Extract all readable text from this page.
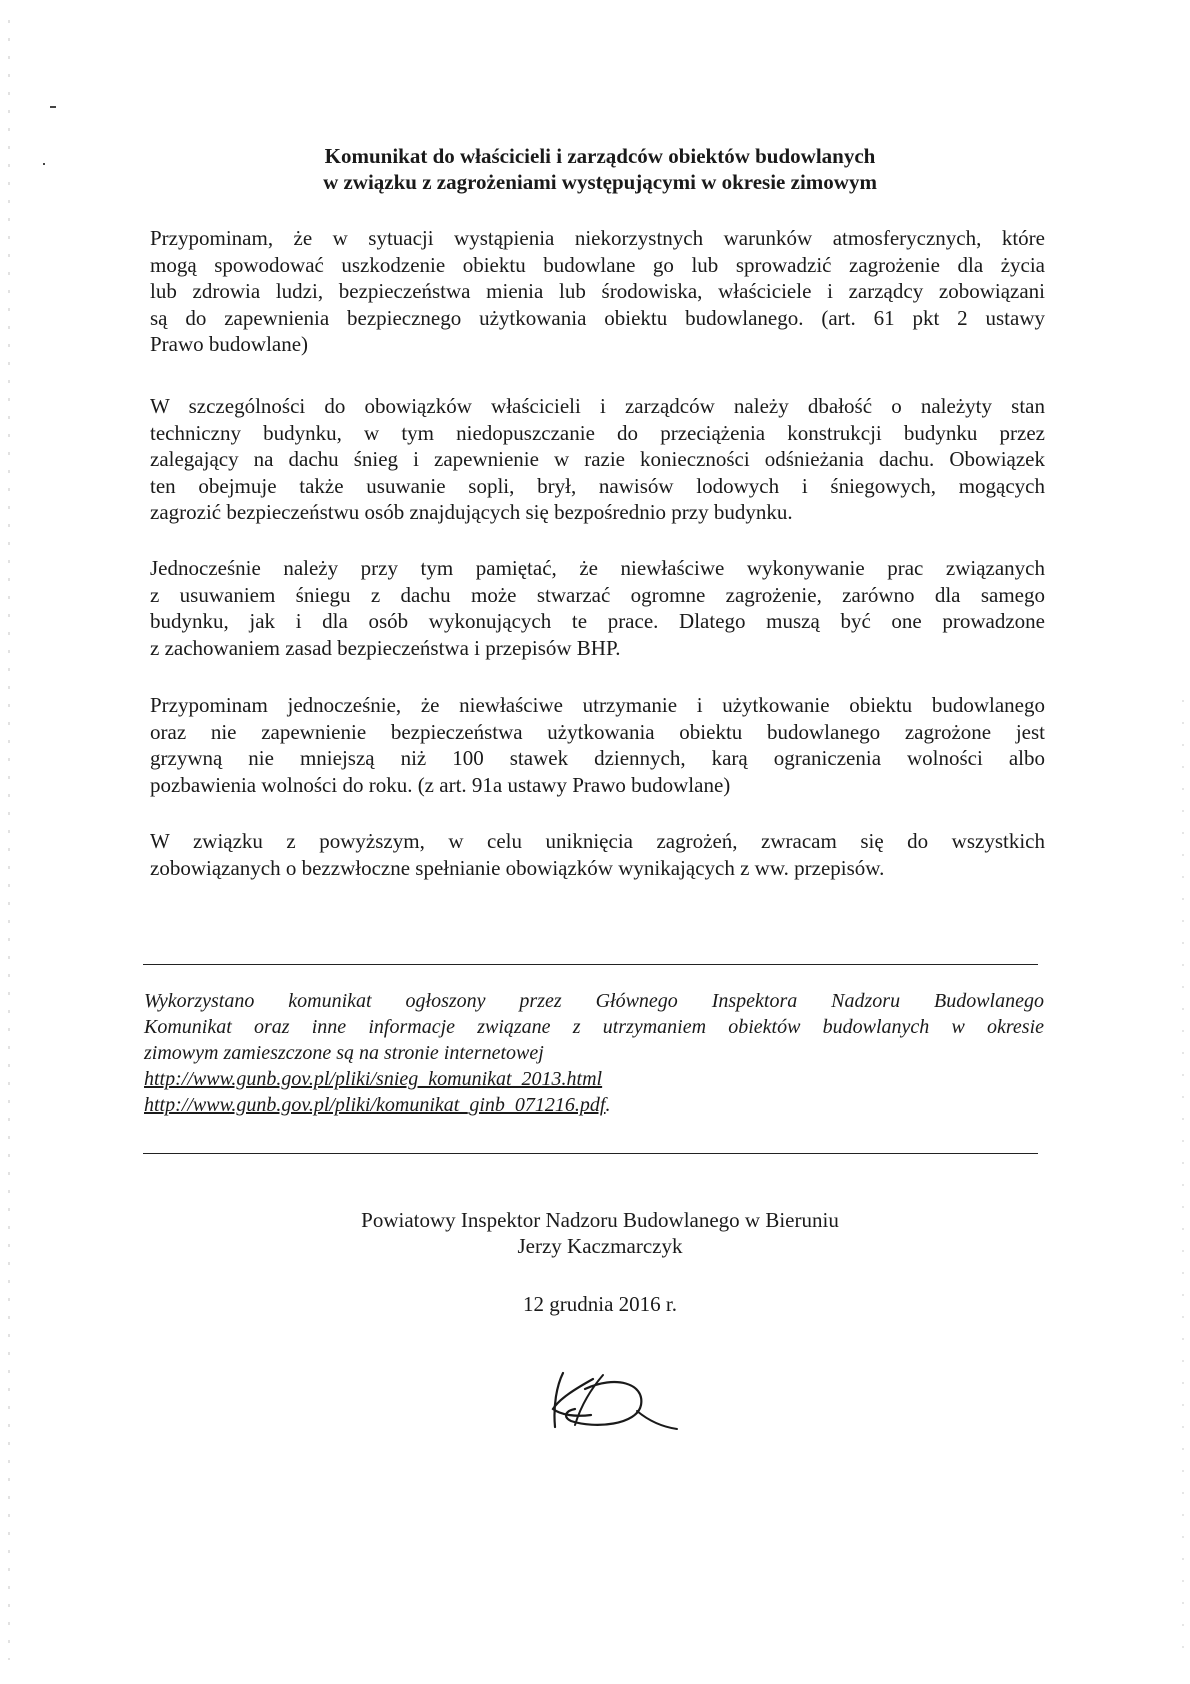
Komunikat do właścicieli i zarządców obiektów budowlanych
w związku z zagrożeniami występującymi w okresie zimowym
Przypominam, że w sytuacji wystąpienia niekorzystnych warunków atmosferycznych, które
mogą spowodować uszkodzenie obiektu budowlane go lub sprowadzić zagrożenie dla życia
lub zdrowia ludzi, bezpieczeństwa mienia lub środowiska, właściciele i zarządcy zobowiązani
są do zapewnienia bezpiecznego użytkowania obiektu budowlanego. (art. 61 pkt 2 ustawy
Prawo budowlane)
W szczególności do obowiązków właścicieli i zarządców należy dbałość o należyty stan
techniczny budynku, w tym niedopuszczanie do przeciążenia konstrukcji budynku przez
zalegający na dachu śnieg i zapewnienie w razie konieczności odśnieżania dachu. Obowiązek
ten obejmuje także usuwanie sopli, brył, nawisów lodowych i śniegowych, mogących
zagrozić bezpieczeństwu osób znajdujących się bezpośrednio przy budynku.
Jednocześnie należy przy tym pamiętać, że niewłaściwe wykonywanie prac związanych
z usuwaniem śniegu z dachu może stwarzać ogromne zagrożenie, zarówno dla samego
budynku, jak i dla osób wykonujących te prace. Dlatego muszą być one prowadzone
z zachowaniem zasad bezpieczeństwa i przepisów BHP.
Przypominam jednocześnie, że niewłaściwe utrzymanie i użytkowanie obiektu budowlanego
oraz nie zapewnienie bezpieczeństwa użytkowania obiektu budowlanego zagrożone jest
grzywną nie mniejszą niż 100 stawek dziennych, karą ograniczenia wolności albo
pozbawienia wolności do roku. (z art. 91a ustawy Prawo budowlane)
W związku z powyższym, w celu uniknięcia zagrożeń, zwracam się do wszystkich
zobowiązanych o bezzwłoczne spełnianie obowiązków wynikających z ww. przepisów.
Wykorzystano komunikat ogłoszony przez Głównego Inspektora Nadzoru Budowlanego
Komunikat oraz inne informacje związane z utrzymaniem obiektów budowlanych w okresie
zimowym zamieszczone są na stronie internetowej
http://www.gunb.gov.pl/pliki/snieg_komunikat_2013.html
http://www.gunb.gov.pl/pliki/komunikat_ginb_071216.pdf.
Powiatowy Inspektor Nadzoru Budowlanego w Bieruniu
Jerzy Kaczmarczyk
12 grudnia 2016 r.
